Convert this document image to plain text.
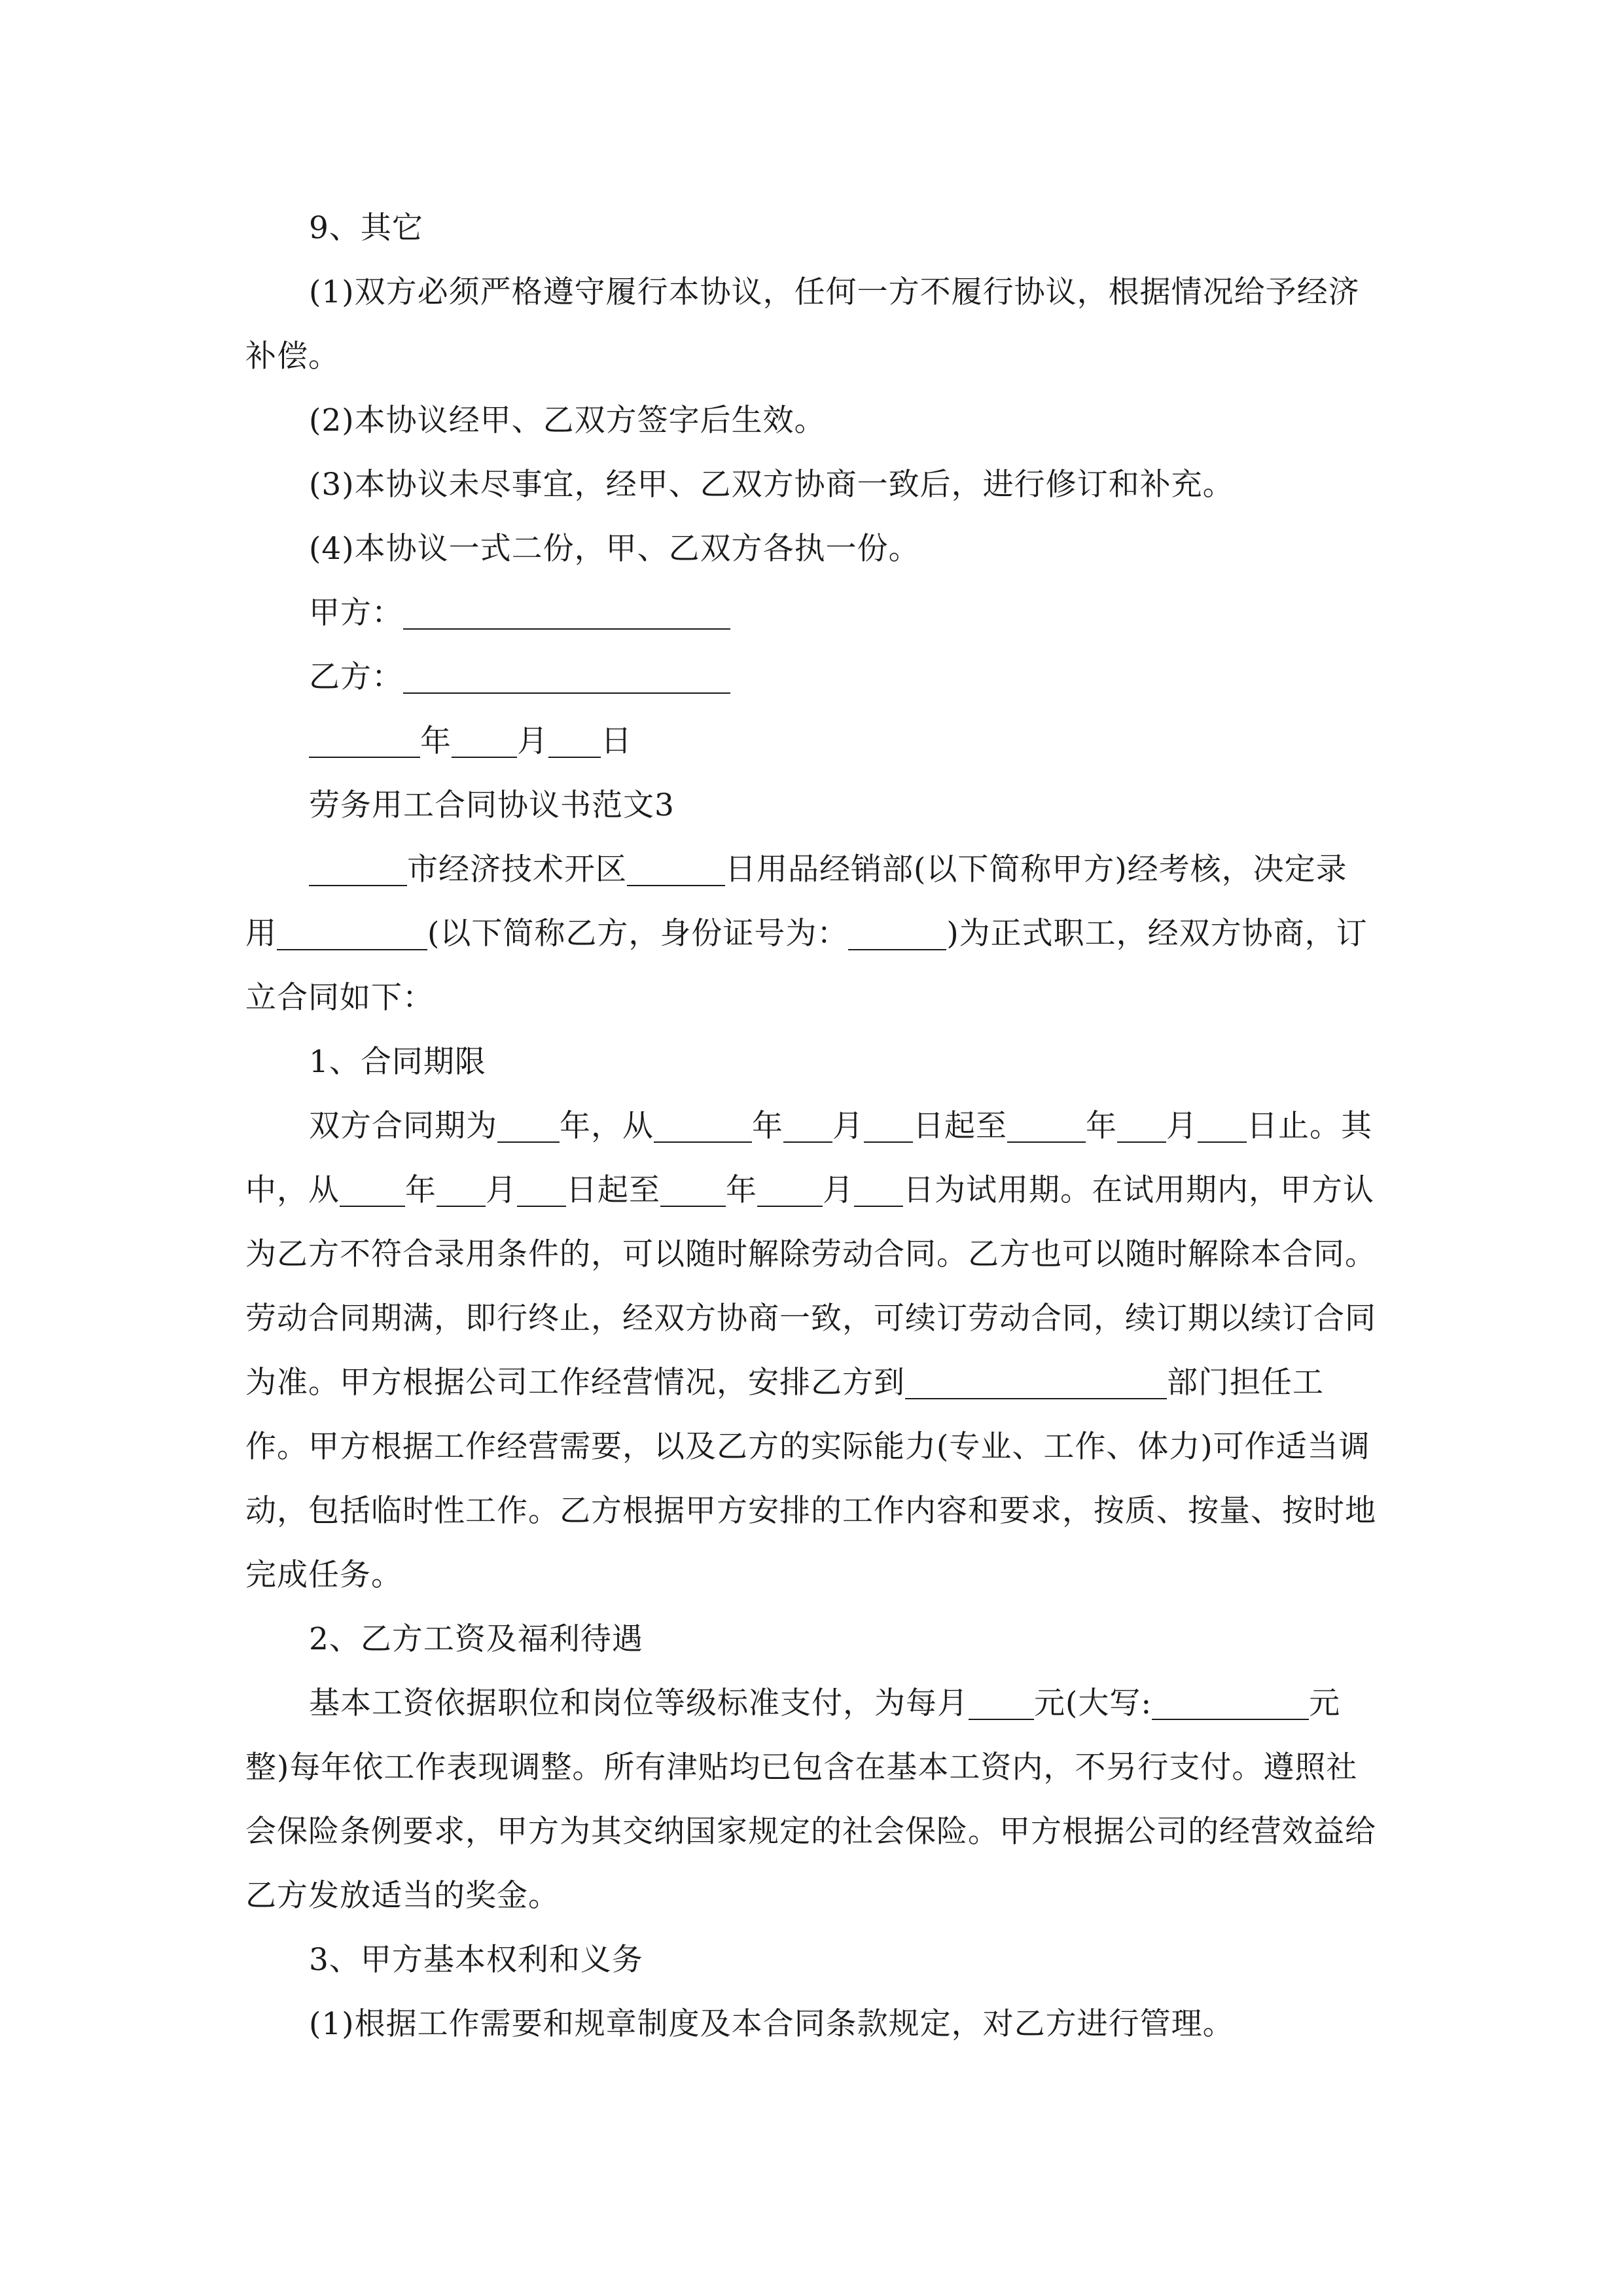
9、其它

(1)双方必须严格遵守履行本协议，任何一方不履行协议，根据情况给予经济补偿。

(2)本协议经甲、乙双方签字后生效。

(3)本协议未尽事宜，经甲、乙双方协商一致后，进行修订和补充。

(4)本协议一式二份，甲、乙双方各执一份。

甲方：

乙方：

年 月 日

劳务用工合同协议书范文3

市经济技术开区	日用品经销部(以下简称甲方)经考核，决定录用	(以下简称乙方，身份证号为：	)为正式职工，经双方协商，订立合同如下：

1、合同期限

双方合同期为 年，从	年 月 日起至	年 月 日止。其中，从 年 月 日起至 年 月 日为试用期。在试用期内，甲方认为乙方不符合录用条件的，可以随时解除劳动合同。乙方也可以随时解除本合同。劳动合同期满，即行终止，经双方协商一致，可续订劳动合同，续订期以续订合同为准。甲方根据公司工作经营情况，安排乙方到	部门担任工作。甲方根据工作经营需要，以及乙方的实际能力(专业、工作、体力)可作适当调动，包括临时性工作。乙方根据甲方安排的工作内容和要求，按质、按量、按时地完成任务。

2、乙方工资及福利待遇

基本工资依据职位和岗位等级标准支付，为每月 元(大写:	元整)每年依工作表现调整。所有津贴均已包含在基本工资内，不另行支付。遵照社会保险条例要求，甲方为其交纳国家规定的社会保险。甲方根据公司的经营效益给乙方发放适当的奖金。

3、甲方基本权利和义务

(1)根据工作需要和规章制度及本合同条款规定，对乙方进行管理。
